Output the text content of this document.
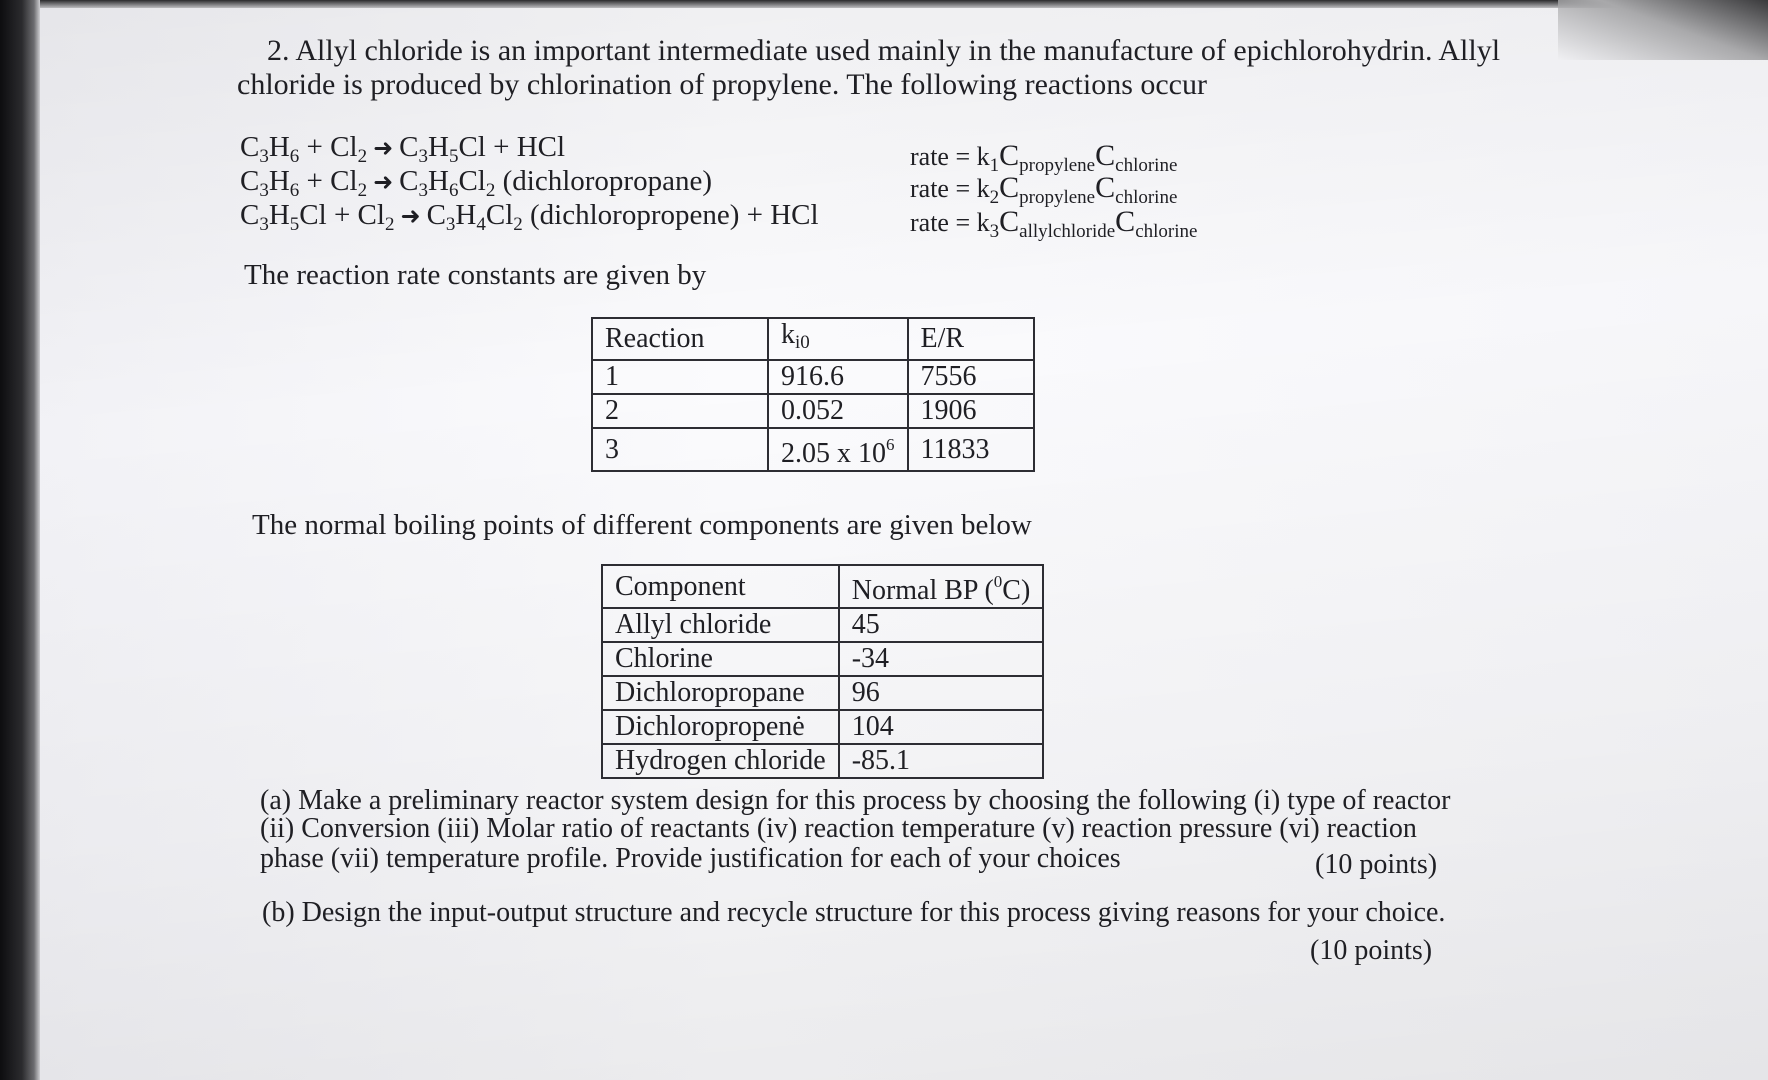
2. Allyl chloride is an important intermediate used mainly in the manufacture of epichlorohydrin. Allyl
chloride is produced by chlorination of propylene. The following reactions occur
$C_3H_6 + Cl_2$ ➜ $C_3H_5Cl$ + HCl
$C_3H_6 + Cl_2$ ➜ $C_3H_6Cl_2$ (dichloropropane)
$C_3H_5Cl + Cl_2$ ➜ $C_3H_4Cl_2$ (dichloropropene) + HCl
rate = $k_1C_{propylene}C_{chlorine}$
rate = $k_2C_{propylene}C_{chlorine}$
rate = $k_3C_{allylchloride}C_{chlorine}$
The reaction rate constants are given by
Reaction	ki0	E/R
1	916.6	7556
2	0.052	1906
3	2.05 x $10^6$	11833
The normal boiling points of different components are given below
Component	Normal BP ($^0$C)
Allyl chloride	45
Chlorine	-34
Dichloropropane	96
Dichloropropenė	104
Hydrogen chloride	-85.1
(a) Make a preliminary reactor system design for this process by choosing the following (i) type of reactor
(ii) Conversion (iii) Molar ratio of reactants (iv) reaction temperature (v) reaction pressure (vi) reaction
phase (vii) temperature profile. Provide justification for each of your choices	(10 points)
(b) Design the input-output structure and recycle structure for this process giving reasons for your choice.
(10 points)
